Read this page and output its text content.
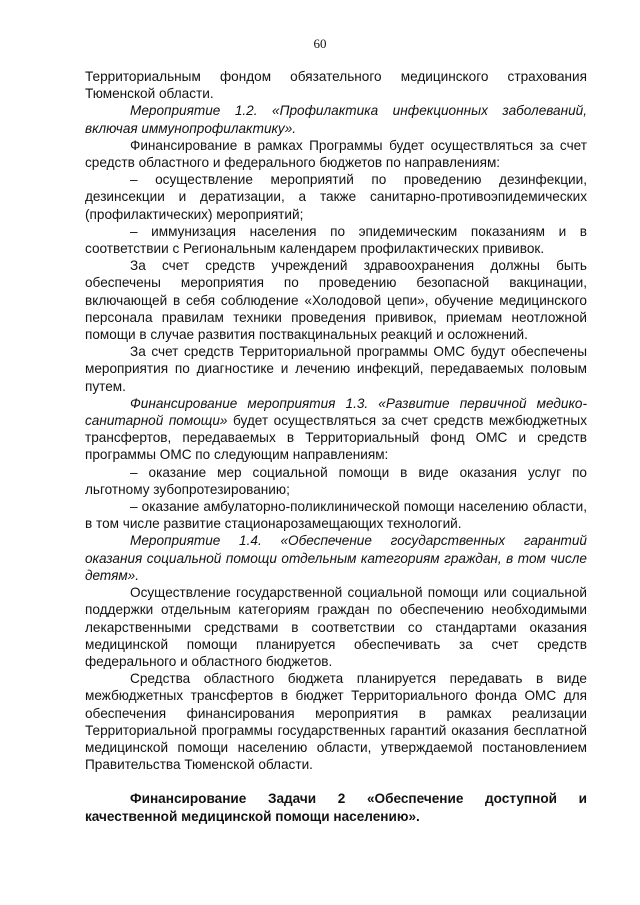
60

Территориальным фондом обязательного медицинского страхования Тюменской области.

Мероприятие 1.2. «Профилактика инфекционных заболеваний, включая иммунопрофилактику».

Финансирование в рамках Программы будет осуществляться за счет средств областного и федерального бюджетов по направлениям:

– осуществление мероприятий по проведению дезинфекции, дезинсекции и дератизации, а также санитарно-противоэпидемических (профилактических) мероприятий;

– иммунизация населения по эпидемическим показаниям и в соответствии с Региональным календарем профилактических прививок.

За счет средств учреждений здравоохранения должны быть обеспечены мероприятия по проведению безопасной вакцинации, включающей в себя соблюдение «Холодовой цепи», обучение медицинского персонала правилам техники проведения прививок, приемам неотложной помощи в случае развития поствакцинальных реакций и осложнений.

За счет средств Территориальной программы ОМС будут обеспечены мероприятия по диагностике и лечению инфекций, передаваемых половым путем.

Финансирование мероприятия 1.3. «Развитие первичной медико-санитарной помощи» будет осуществляться за счет средств межбюджетных трансфертов, передаваемых в Территориальный фонд ОМС и средств программы ОМС по следующим направлениям:

– оказание мер социальной помощи в виде оказания услуг по льготному зубопротезированию;

– оказание амбулаторно-поликлинической помощи населению области, в том числе развитие стационарозамещающих технологий.

Мероприятие 1.4. «Обеспечение государственных гарантий оказания социальной помощи отдельным категориям граждан, в том числе детям».

Осуществление государственной социальной помощи или социальной поддержки отдельным категориям граждан по обеспечению необходимыми лекарственными средствами в соответствии со стандартами оказания медицинской помощи планируется обеспечивать за счет средств федерального и областного бюджетов.

Средства областного бюджета планируется передавать в виде межбюджетных трансфертов в бюджет Территориального фонда ОМС для обеспечения финансирования мероприятия в рамках реализации Территориальной программы государственных гарантий оказания бесплатной медицинской помощи населению области, утверждаемой постановлением Правительства Тюменской области.

Финансирование Задачи 2 «Обеспечение доступной и качественной медицинской помощи населению».
